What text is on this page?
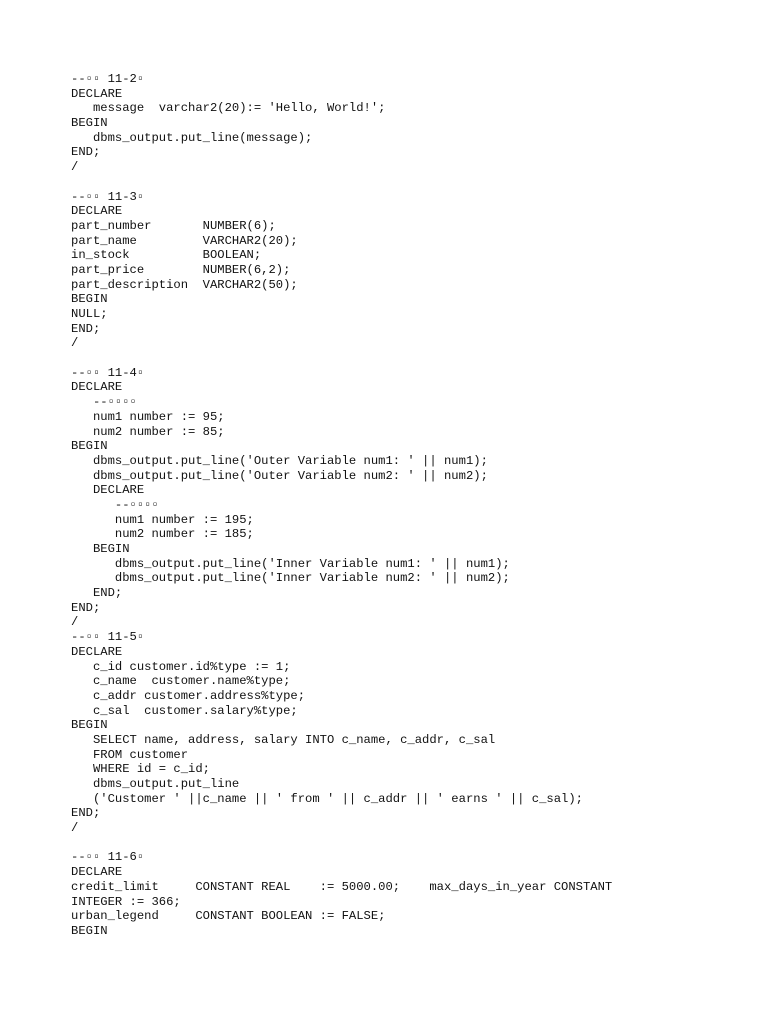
--▫▫ 11-2▫
DECLARE
message  varchar2(20):= 'Hello, World!';
BEGIN
dbms_output.put_line(message);
END;
/
--▫▫ 11-3▫
DECLARE
part_number       NUMBER(6);
part_name         VARCHAR2(20);
in_stock          BOOLEAN;
part_price        NUMBER(6,2);
part_description  VARCHAR2(50);
BEGIN
NULL;
END;
/
--▫▫ 11-4▫
DECLARE
--▫▫▫▫
num1 number := 95;
num2 number := 85;
BEGIN
dbms_output.put_line('Outer Variable num1: ' || num1);
dbms_output.put_line('Outer Variable num2: ' || num2);
DECLARE
--▫▫▫▫
num1 number := 195;
num2 number := 185;
BEGIN
dbms_output.put_line('Inner Variable num1: ' || num1);
dbms_output.put_line('Inner Variable num2: ' || num2);
END;
END;
/
--▫▫ 11-5▫
DECLARE
c_id customer.id%type := 1;
c_name  customer.name%type;
c_addr customer.address%type;
c_sal  customer.salary%type;
BEGIN
SELECT name, address, salary INTO c_name, c_addr, c_sal
FROM customer
WHERE id = c_id;
dbms_output.put_line
('Customer ' ||c_name || ' from ' || c_addr || ' earns ' || c_sal);
END;
/
--▫▫ 11-6▫
DECLARE
credit_limit     CONSTANT REAL    := 5000.00;    max_days_in_year CONSTANT
INTEGER := 366;
urban_legend     CONSTANT BOOLEAN := FALSE;
BEGIN
